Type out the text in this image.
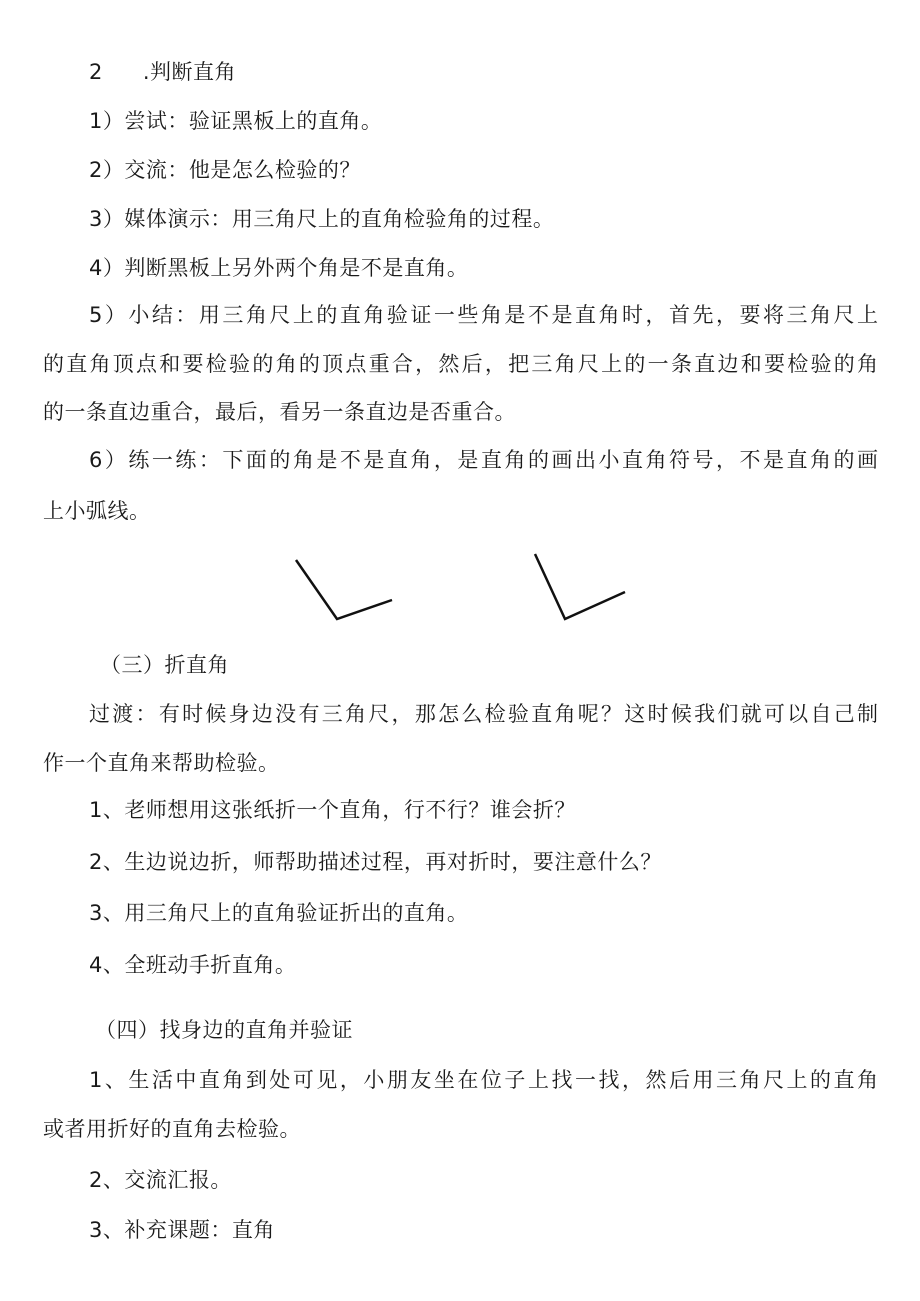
2 .判断直角
1）尝试：验证黑板上的直角。
2）交流：他是怎么检验的？
3）媒体演示：用三角尺上的直角检验角的过程。
4）判断黑板上另外两个角是不是直角。
5）小结：用三角尺上的直角验证一些角是不是直角时，首先，要将三角尺上
的直角顶点和要检验的角的顶点重合，然后，把三角尺上的一条直边和要检验的角
的一条直边重合，最后，看另一条直边是否重合。
6）练一练：下面的角是不是直角，是直角的画出小直角符号，不是直角的画
上小弧线。
（三）折直角
过渡：有时候身边没有三角尺，那怎么检验直角呢？这时候我们就可以自己制
作一个直角来帮助检验。
1、老师想用这张纸折一个直角，行不行？谁会折？
2、生边说边折，师帮助描述过程，再对折时，要注意什么？
3、用三角尺上的直角验证折出的直角。
4、全班动手折直角。
（四）找身边的直角并验证
1、生活中直角到处可见，小朋友坐在位子上找一找，然后用三角尺上的直角
或者用折好的直角去检验。
2、交流汇报。
3、补充课题：直角
